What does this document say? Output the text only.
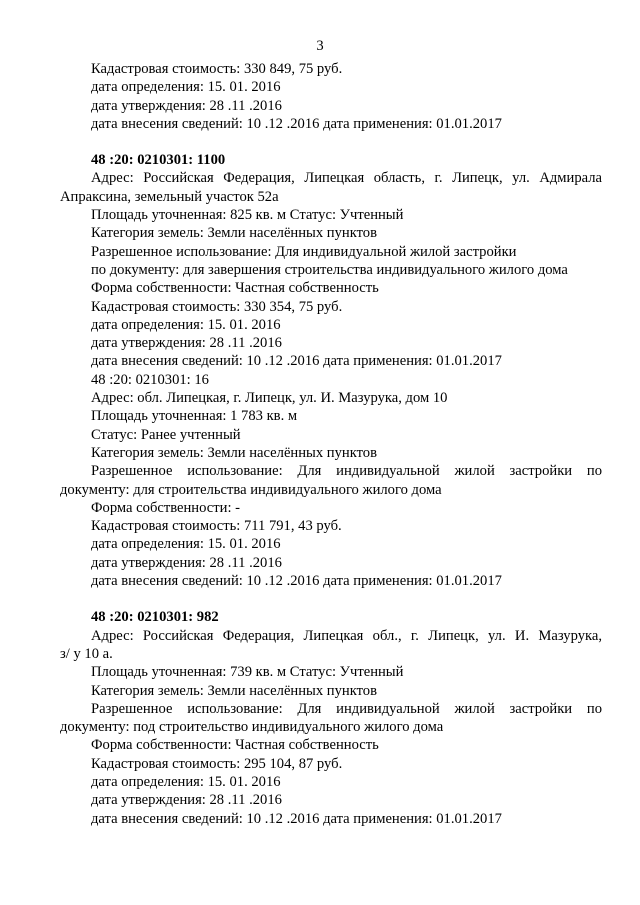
3
Кадастровая стоимость: 330 849, 75 руб.
дата определения: 15. 01. 2016
дата утверждения: 28 .11 .2016
дата внесения сведений: 10 .12 .2016 дата применения: 01.01.2017
48 :20: 0210301: 1100
Адрес: Российская Федерация, Липецкая область, г. Липецк, ул. Адмирала
Апраксина, земельный участок 52а
Площадь уточненная: 825 кв. м Статус: Учтенный
Категория земель: Земли населённых пунктов
Разрешенное использование: Для индивидуальной жилой застройки
по документу: для завершения строительства индивидуального жилого дома
Форма собственности: Частная собственность
Кадастровая стоимость: 330 354, 75 руб.
дата определения: 15. 01. 2016
дата утверждения: 28 .11 .2016
дата внесения сведений: 10 .12 .2016 дата применения: 01.01.2017
48 :20: 0210301: 16
Адрес: обл. Липецкая, г. Липецк, ул. И. Мазурука, дом 10
Площадь уточненная: 1 783 кв. м
Статус: Ранее учтенный
Категория земель: Земли населённых пунктов
Разрешенное использование: Для индивидуальной жилой застройки по
документу: для строительства индивидуального жилого дома
Форма собственности: -
Кадастровая стоимость: 711 791, 43 руб.
дата определения: 15. 01. 2016
дата утверждения: 28 .11 .2016
дата внесения сведений: 10 .12 .2016 дата применения: 01.01.2017
48 :20: 0210301: 982
Адрес: Российская Федерация, Липецкая обл., г. Липецк, ул. И. Мазурука,
з/ у 10 а.
Площадь уточненная: 739 кв. м Статус: Учтенный
Категория земель: Земли населённых пунктов
Разрешенное использование: Для индивидуальной жилой застройки по
документу: под строительство индивидуального жилого дома
Форма собственности: Частная собственность
Кадастровая стоимость: 295 104, 87 руб.
дата определения: 15. 01. 2016
дата утверждения: 28 .11 .2016
дата внесения сведений: 10 .12 .2016 дата применения: 01.01.2017
